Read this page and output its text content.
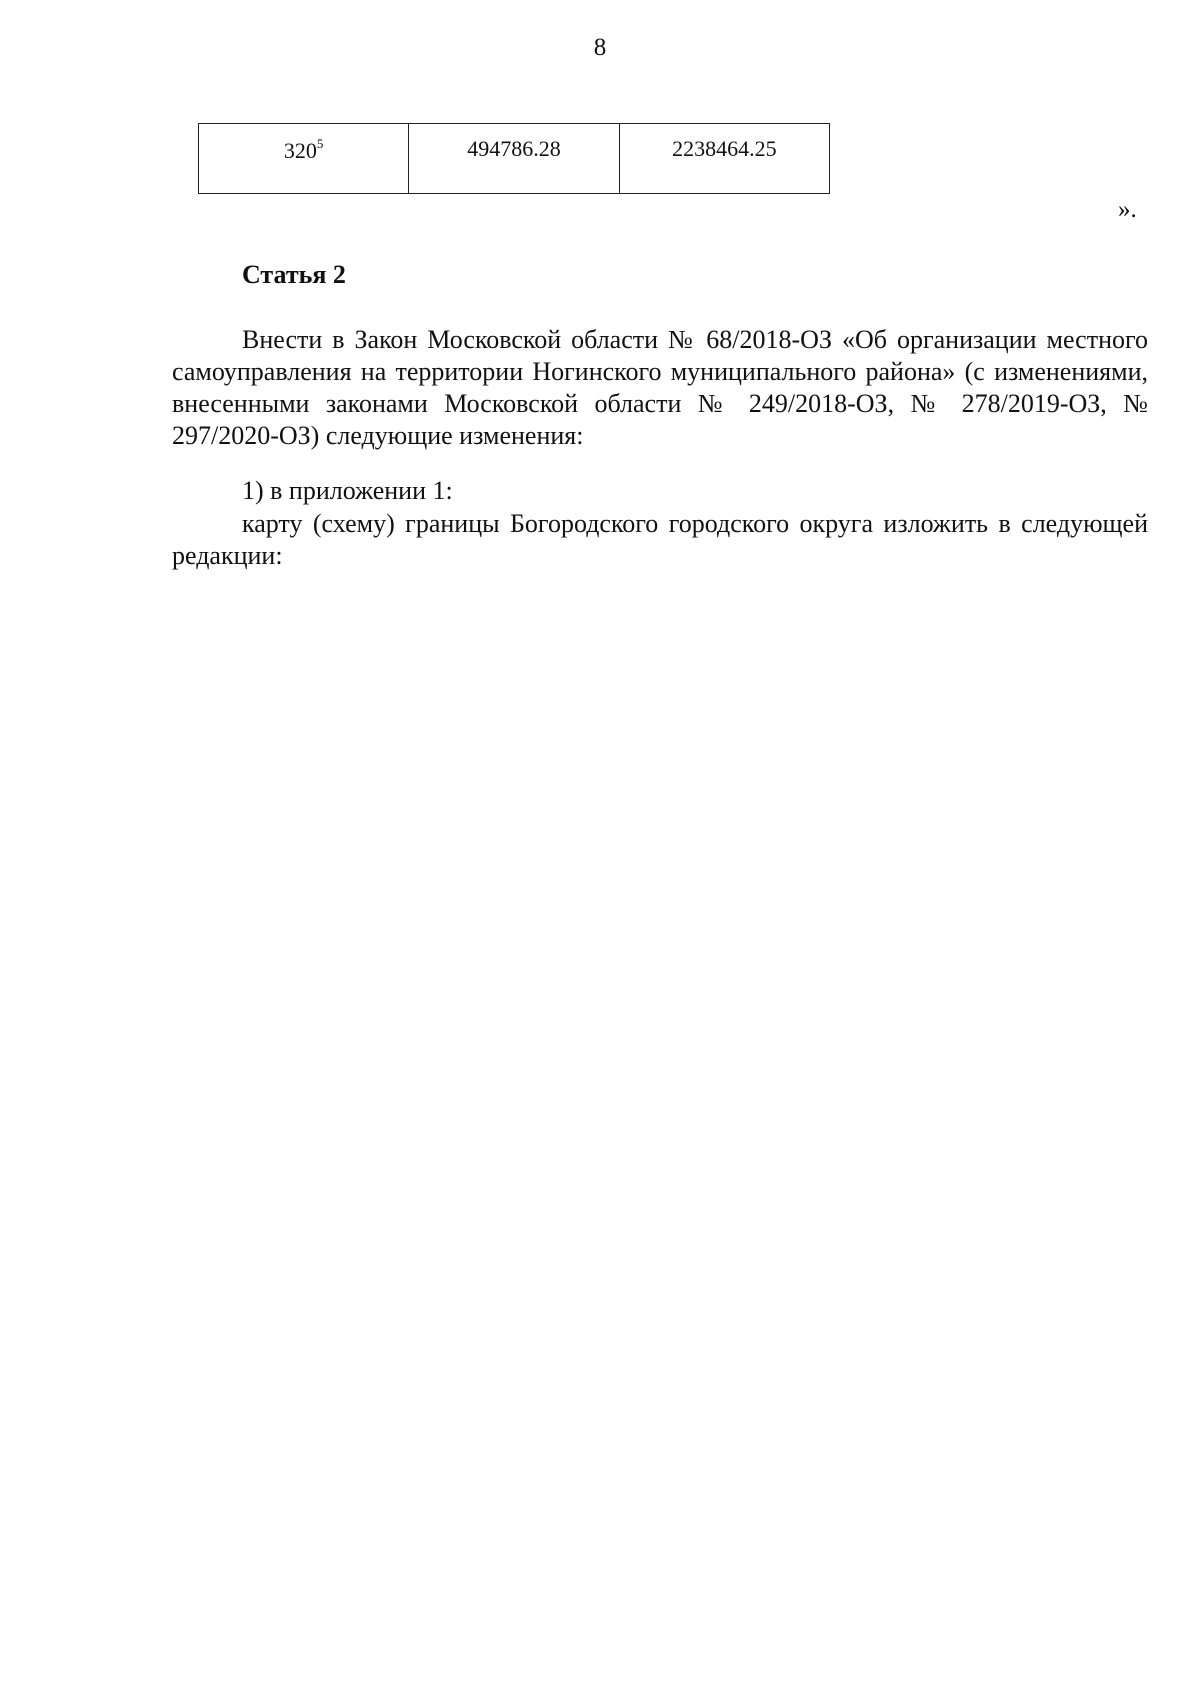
8
$320^5$	494786.28	2238464.25
».
Статья 2

Внести в Закон Московской области № 68/2018-ОЗ «Об организации местного самоуправления на территории Ногинского муниципального района» (с изменениями, внесенными законами Московской области № 249/2018-ОЗ, № 278/2019-ОЗ, № 297/2020-ОЗ) следующие изменения:

1) в приложении 1:

карту (схему) границы Богородского городского округа изложить в следующей редакции:
